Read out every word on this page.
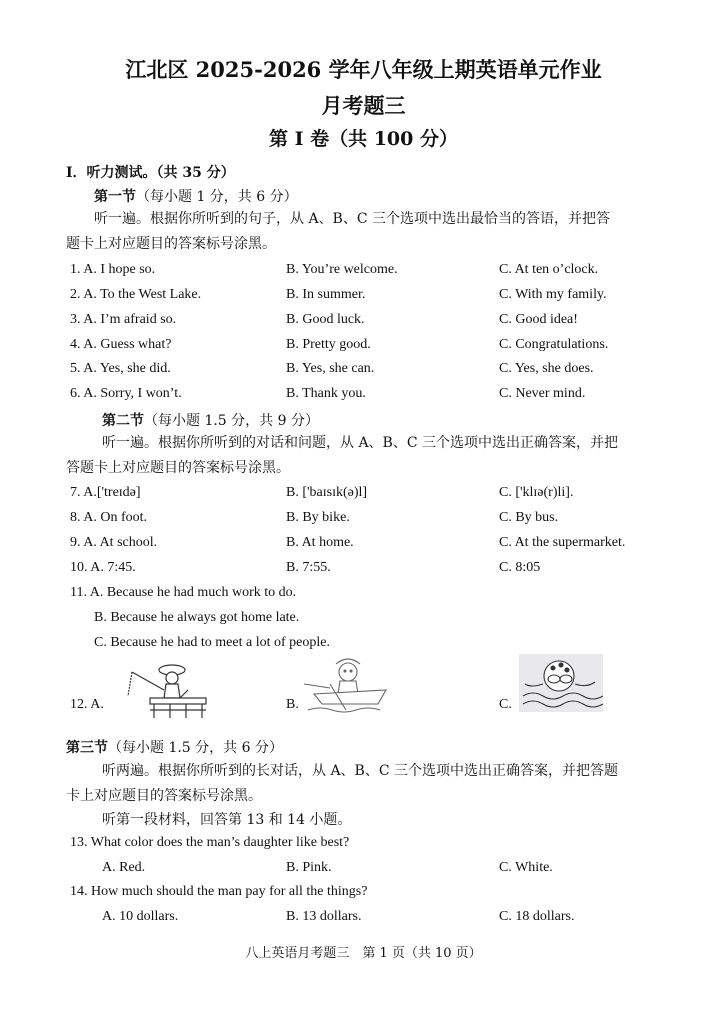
江北区 2025-2026 学年八年级上期英语单元作业
月考题三
第 I 卷（共 100 分）
I．听力测试。（共 35 分）
第一节（每小题 1 分，共 6 分）
听一遍。根据你所听到的句子，从 A、B、C 三个选项中选出最恰当的答语，并把答
题卡上对应题目的答案标号涂黑。
1. A. I hope so.	B. You’re welcome.	C. At ten o’clock.
2. A. To the West Lake.	B. In summer.	C. With my family.
3. A. I’m afraid so.	B. Good luck.	C. Good idea!
4. A. Guess what?	B. Pretty good.	C. Congratulations.
5. A. Yes, she did.	B. Yes, she can.	C. Yes, she does.
6. A. Sorry, I won’t.	B. Thank you.	C. Never mind.
第二节（每小题 1.5 分，共 9 分）
听一遍。根据你所听到的对话和问题，从 A、B、C 三个选项中选出正确答案，并把
答题卡上对应题目的答案标号涂黑。
7. A.['treɪdə]	B. ['baɪsɪk(ə)l]	C. ['klɪə(r)li].
8. A. On foot.	B. By bike.	C. By bus.
9. A. At school.	B. At home.	C. At the supermarket.
10. A. 7:45.	B. 7:55.	C. 8:05
11. A. Because he had much work to do.
B. Because he always got home late.
C. Because he had to meet a lot of people.
12. A.	B.	C.
第三节（每小题 1.5 分，共 6 分）
听两遍。根据你所听到的长对话，从 A、B、C 三个选项中选出正确答案，并把答题
卡上对应题目的答案标号涂黑。
听第一段材料，回答第 13 和 14 小题。
13. What color does the man’s daughter like best?
A. Red.	B. Pink.	C. White.
14. How much should the man pay for all the things?
A. 10 dollars.	B. 13 dollars.	C. 18 dollars.
八上英语月考题三　第 1 页（共 10 页）
